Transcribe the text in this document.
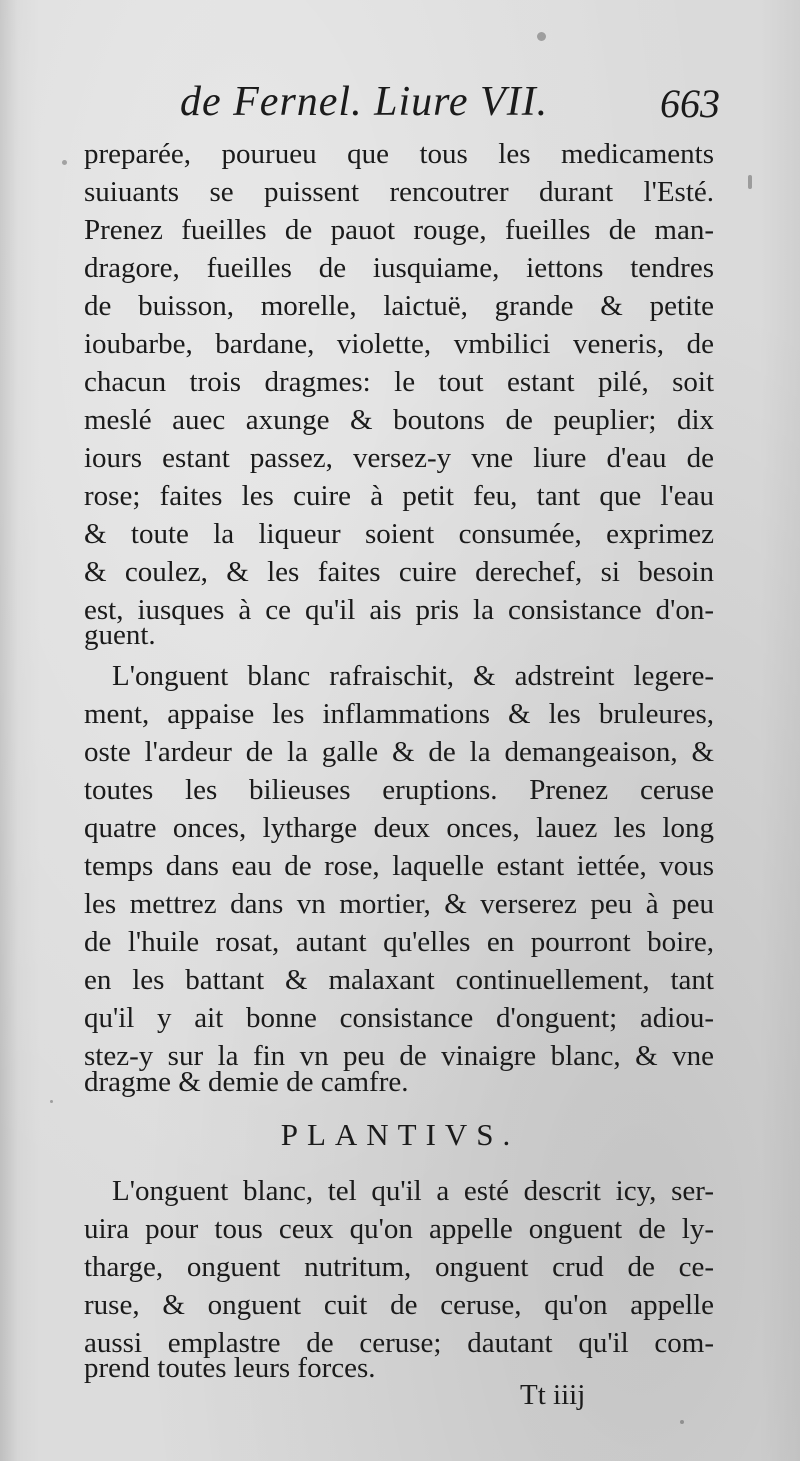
de Fernel. Liure VII.	663
preparée, pourueu que tous les medicaments
suiuants se puissent rencoutrer durant l'Esté.
Prenez fueilles de pauot rouge, fueilles de man-
dragore, fueilles de iusquiame, iettons tendres
de buisson, morelle, laictuë, grande & petite
ioubarbe, bardane, violette, vmbilici veneris, de
chacun trois dragmes: le tout estant pilé, soit
meslé auec axunge & boutons de peuplier; dix
iours estant passez, versez-y vne liure d'eau de
rose; faites les cuire à petit feu, tant que l'eau
& toute la liqueur soient consumée, exprimez
& coulez, & les faites cuire derechef, si besoin
est, iusques à ce qu'il ais pris la consistance d'on-
guent.
L'onguent blanc rafraischit, & adstreint legere-
ment, appaise les inflammations & les bruleures,
oste l'ardeur de la galle & de la demangeaison, &
toutes les bilieuses eruptions. Prenez ceruse
quatre onces, lytharge deux onces, lauez les long
temps dans eau de rose, laquelle estant iettée, vous
les mettrez dans vn mortier, & verserez peu à peu
de l'huile rosat, autant qu'elles en pourront boire,
en les battant & malaxant continuellement, tant
qu'il y ait bonne consistance d'onguent; adiou-
stez-y sur la fin vn peu de vinaigre blanc, & vne
dragme & demie de camfre.
PLANTIVS.
L'onguent blanc, tel qu'il a esté descrit icy, ser-
uira pour tous ceux qu'on appelle onguent de ly-
tharge, onguent nutritum, onguent crud de ce-
ruse, & onguent cuit de ceruse, qu'on appelle
aussi emplastre de ceruse; dautant qu'il com-
prend toutes leurs forces.
Tt iiij
